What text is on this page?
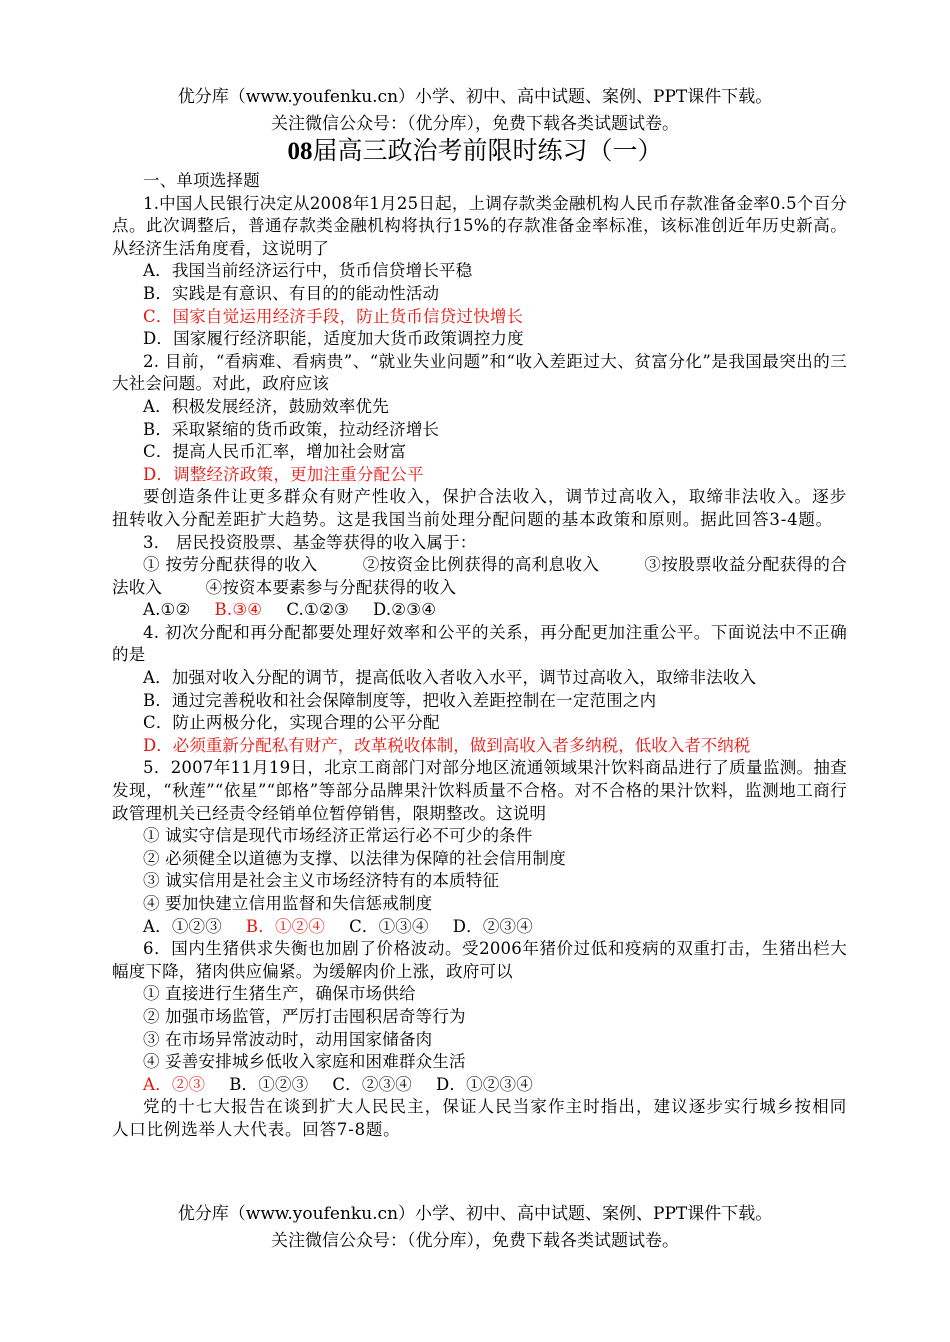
优分库（www.youfenku.cn）小学、初中、高中试题、案例、PPT课件下载。
关注微信公众号：（优分库），免费下载各类试题试卷。
08届高三政治考前限时练习（一）

一、单项选择题

1.中国人民银行决定从2008年1月25日起，上调存款类金融机构人民币存款准备金率0.5个百分点。此次调整后，普通存款类金融机构将执行15%的存款准备金率标准，该标准创近年历史新高。从经济生活角度看，这说明了

A．我国当前经济运行中，货币信贷增长平稳

B．实践是有意识、有目的的能动性活动

C．国家自觉运用经济手段，防止货币信贷过快增长

D．国家履行经济职能，适度加大货币政策调控力度

2. 目前，“看病难、看病贵”、“就业失业问题”和“收入差距过大、贫富分化”是我国最突出的三大社会问题。对此，政府应该

A．积极发展经济，鼓励效率优先

B．采取紧缩的货币政策，拉动经济增长

C．提高人民币汇率，增加社会财富

D．调整经济政策，更加注重分配公平

要创造条件让更多群众有财产性收入，保护合法收入，调节过高收入，取缔非法收入。逐步扭转收入分配差距扩大趋势。这是我国当前处理分配问题的基本政策和原则。据此回答3-4题。

3． 居民投资股票、基金等获得的收入属于：

① 按劳分配获得的收入        ②按资金比例获得的高利息收入        ③按股票收益分配获得的合法收入        ④按资本要素参与分配获得的收入

A.①② B.③④ C.①②③ D.②③④

4. 初次分配和再分配都要处理好效率和公平的关系，再分配更加注重公平。下面说法中不正确的是

A．加强对收入分配的调节，提高低收入者收入水平，调节过高收入，取缔非法收入

B．通过完善税收和社会保障制度等，把收入差距控制在一定范围之内

C．防止两极分化，实现合理的公平分配

D．必须重新分配私有财产，改革税收体制，做到高收入者多纳税，低收入者不纳税

5．2007年11月19日，北京工商部门对部分地区流通领域果汁饮料商品进行了质量监测。抽查发现，“秋莲”“依星”“郎格”等部分品牌果汁饮料质量不合格。对不合格的果汁饮料，监测地工商行政管理机关已经责令经销单位暂停销售，限期整改。这说明

① 诚实守信是现代市场经济正常运行必不可少的条件

② 必须健全以道德为支撑、以法律为保障的社会信用制度

③ 诚实信用是社会主义市场经济特有的本质特征

④ 要加快建立信用监督和失信惩戒制度

A．①②③ B．①②④ C．①③④ D．②③④

6．国内生猪供求失衡也加剧了价格波动。受2006年猪价过低和疫病的双重打击，生猪出栏大幅度下降，猪肉供应偏紧。为缓解肉价上涨，政府可以

① 直接进行生猪生产，确保市场供给

② 加强市场监管，严厉打击囤积居奇等行为

③ 在市场异常波动时，动用国家储备肉

④ 妥善安排城乡低收入家庭和困难群众生活

A．②③ B．①②③ C．②③④ D．①②③④

党的十七大报告在谈到扩大人民民主，保证人民当家作主时指出，建议逐步实行城乡按相同人口比例选举人大代表。回答7-8题。

优分库（www.youfenku.cn）小学、初中、高中试题、案例、PPT课件下载。
关注微信公众号：（优分库），免费下载各类试题试卷。
